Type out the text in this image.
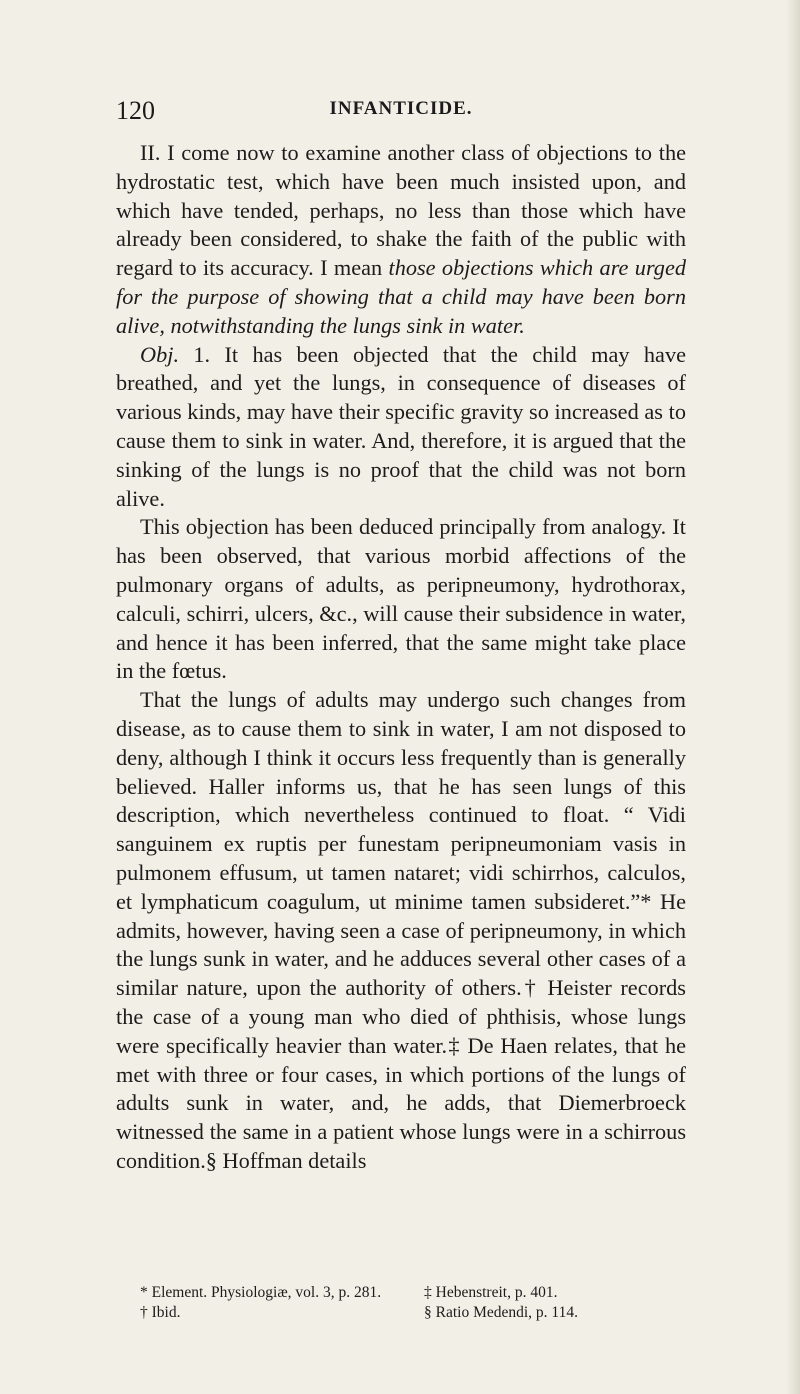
120	INFANTICIDE.

II. I come now to examine another class of objections to the hydrostatic test, which have been much insisted upon, and which have tended, perhaps, no less than those which have already been considered, to shake the faith of the public with regard to its accuracy. I mean those objections which are urged for the purpose of showing that a child may have been born alive, notwithstanding the lungs sink in water.

Obj. 1. It has been objected that the child may have breathed, and yet the lungs, in consequence of diseases of various kinds, may have their specific gravity so increased as to cause them to sink in water. And, therefore, it is argued that the sinking of the lungs is no proof that the child was not born alive.

This objection has been deduced principally from analogy. It has been observed, that various morbid affections of the pulmonary organs of adults, as peripneumony, hydrothorax, calculi, schirri, ulcers, &c., will cause their subsidence in water, and hence it has been inferred, that the same might take place in the fœtus.

That the lungs of adults may undergo such changes from disease, as to cause them to sink in water, I am not disposed to deny, although I think it occurs less frequently than is generally believed. Haller informs us, that he has seen lungs of this description, which nevertheless continued to float. “ Vidi sanguinem ex ruptis per funestam peripneumoniam vasis in pulmonem effusum, ut tamen nataret; vidi schirrhos, calculos, et lymphaticum coagulum, ut minime tamen subsideret.”* He admits, however, having seen a case of peripneumony, in which the lungs sunk in water, and he adduces several other cases of a similar nature, upon the authority of others.† Heister records the case of a young man who died of phthisis, whose lungs were specifically heavier than water.‡ De Haen relates, that he met with three or four cases, in which portions of the lungs of adults sunk in water, and, he adds, that Diemerbroeck witnessed the same in a patient whose lungs were in a schirrous condition.§ Hoffman details

* Element. Physiologiæ, vol. 3, p. 281.	‡ Hebenstreit, p. 401.
† Ibid.	§ Ratio Medendi, p. 114.
